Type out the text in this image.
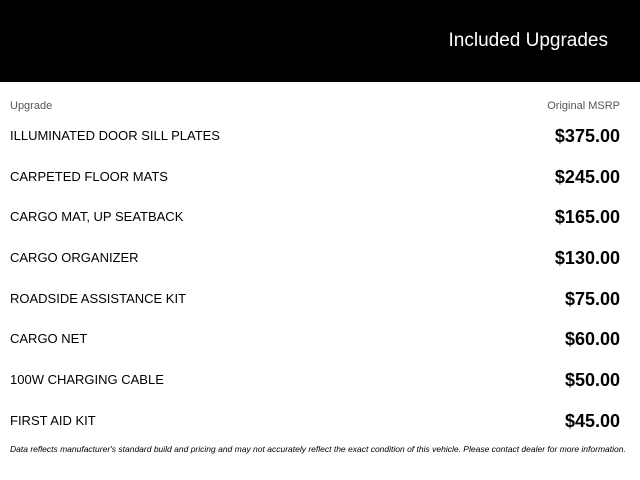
Included Upgrades
Upgrade	Original MSRP
ILLUMINATED DOOR SILL PLATES	$375.00
CARPETED FLOOR MATS	$245.00
CARGO MAT, UP SEATBACK	$165.00
CARGO ORGANIZER	$130.00
ROADSIDE ASSISTANCE KIT	$75.00
CARGO NET	$60.00
100W CHARGING CABLE	$50.00
FIRST AID KIT	$45.00
Data reflects manufacturer's standard build and pricing and may not accurately reflect the exact condition of this vehicle. Please contact dealer for more information.
